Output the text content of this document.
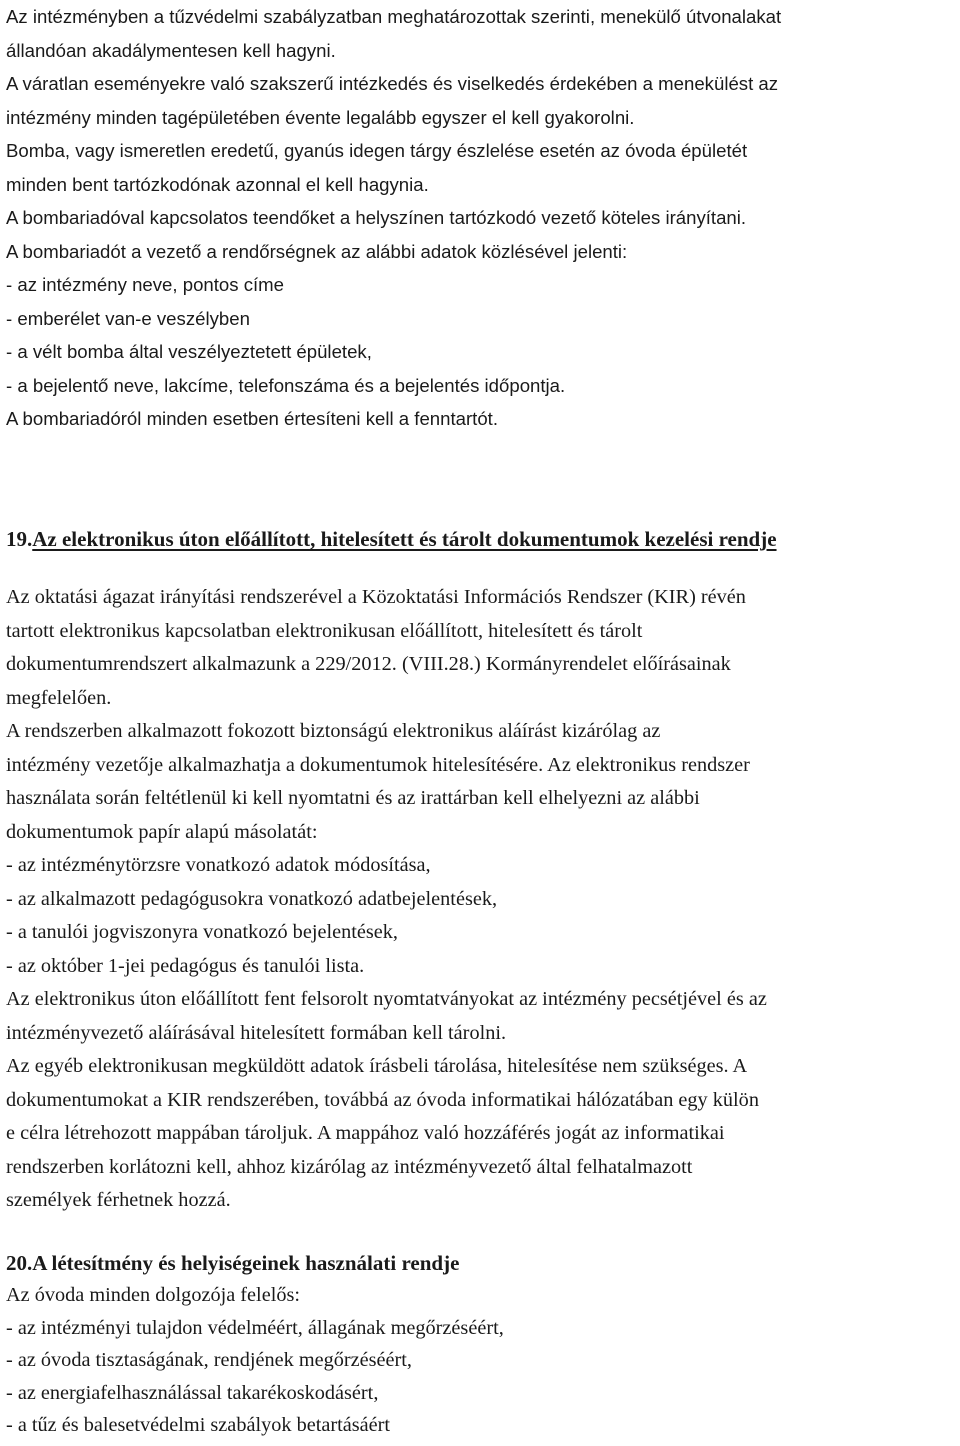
Az intézményben a tűzvédelmi szabályzatban meghatározottak szerinti, menekülő útvonalakat
állandóan akadálymentesen kell hagyni.
A váratlan eseményekre való szakszerű intézkedés és viselkedés érdekében a menekülést az
intézmény minden tagépületében évente legalább egyszer el kell gyakorolni.
Bomba, vagy ismeretlen eredetű, gyanús idegen tárgy észlelése esetén az óvoda épületét
minden bent tartózkodónak azonnal el kell hagynia.
A bombariadóval kapcsolatos teendőket a helyszínen tartózkodó vezető köteles irányítani.
A bombariadót a vezető a rendőrségnek az alábbi adatok közlésével jelenti:
- az intézmény neve, pontos címe
- emberélet van-e veszélyben
- a vélt bomba által veszélyeztetett épületek,
- a bejelentő neve, lakcíme, telefonszáma és a bejelentés időpontja.
A bombariadóról minden esetben értesíteni kell a fenntartót.
19.Az elektronikus úton előállított, hitelesített és tárolt dokumentumok kezelési rendje
Az oktatási ágazat irányítási rendszerével a Közoktatási Információs Rendszer (KIR) révén
tartott elektronikus kapcsolatban elektronikusan előállított, hitelesített és tárolt
dokumentumrendszert alkalmazunk a 229/2012. (VIII.28.) Kormányrendelet előírásainak
megfelelően.
A rendszerben alkalmazott fokozott biztonságú elektronikus aláírást kizárólag az
intézmény vezetője alkalmazhatja a dokumentumok hitelesítésére. Az elektronikus rendszer
használata során feltétlenül ki kell nyomtatni és az irattárban kell elhelyezni az alábbi
dokumentumok papír alapú másolatát:
- az intézménytörzsre vonatkozó adatok módosítása,
- az alkalmazott pedagógusokra vonatkozó adatbejelentések,
- a tanulói jogviszonyra vonatkozó bejelentések,
- az október 1-jei pedagógus és tanulói lista.
Az elektronikus úton előállított fent felsorolt nyomtatványokat az intézmény pecsétjével és az
intézményvezető aláírásával hitelesített formában kell tárolni.
Az egyéb elektronikusan megküldött adatok írásbeli tárolása, hitelesítése nem szükséges. A
dokumentumokat a KIR rendszerében, továbbá az óvoda informatikai hálózatában egy külön
e célra létrehozott mappában tároljuk. A mappához való hozzáférés jogát az informatikai
rendszerben korlátozni kell, ahhoz kizárólag az intézményvezető által felhatalmazott
személyek férhetnek hozzá.
20.A létesítmény és helyiségeinek használati rendje
Az óvoda minden dolgozója felelős:
- az intézményi tulajdon védelméért, állagának megőrzéséért,
- az óvoda tisztaságának, rendjének megőrzéséért,
- az energiafelhasználással takarékoskodásért,
- a tűz és balesetvédelmi szabályok betartásáért
